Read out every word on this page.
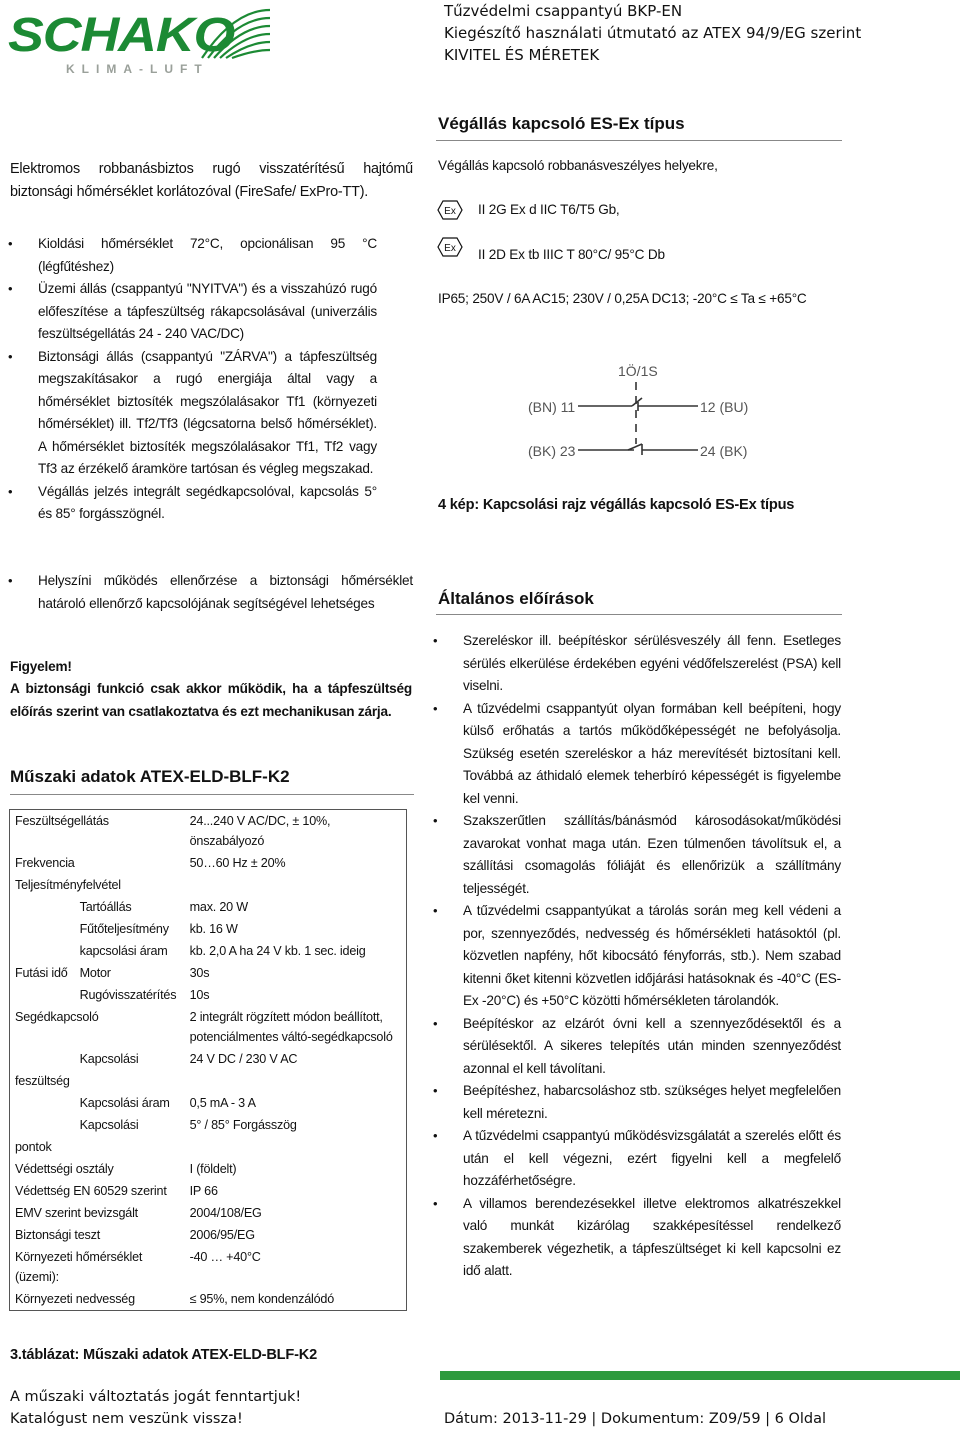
SCHAKO
KLIMA-LUFT
Tűzvédelmi csappantyú BKP-EN
Kiegészítő használati útmutató az ATEX 94/9/EG szerint
KIVITEL ÉS MÉRETEK
Elektromos robbanásbiztos rugó visszatérítésű hajtómű biztonsági hőmérséklet korlátozóval (FireSafe/ ExPro-TT).
• Kioldási hőmérséklet 72°C, opcionálisan 95 °C (légfűtéshez)
• Üzemi állás (csappantyú "NYITVA") és a visszahúzó rugó előfeszítése a tápfeszültség rákapcsolásával (univerzális feszültségellátás 24 - 240 VAC/DC)
• Biztonsági állás (csappantyú "ZÁRVA") a tápfeszültség megszakításakor a rugó energiája által vagy a hőmérséklet biztosíték megszólalásakor Tf1 (környezeti hőmérséklet) ill. Tf2/Tf3 (légcsatorna belső hőmérséklet). A hőmérséklet biztosíték megszólalásakor Tf1, Tf2 vagy Tf3 az érzékelő áramköre tartósan és végleg megszakad.
• Végállás jelzés integrált segédkapcsolóval, kapcsolás 5° és 85° forgásszögnél.
• Helyszíni működés ellenőrzése a biztonsági hőmérséklet határoló ellenőrző kapcsolójának segítségével lehetséges
Figyelem!
A biztonsági funkció csak akkor működik, ha a tápfeszültség előírás szerint van csatlakoztatva és ezt mechanikusan zárja.
Műszaki adatok ATEX-ELD-BLF-K2
Feszültségellátás		24...240 V AC/DC, ± 10%, önszabályozó
Frekvencia		50…60 Hz ± 20%
Teljesítményfelvétel		
	Tartóállás	max. 20 W
	Fűtőteljesítmény	kb. 16 W
	kapcsolási áram	kb. 2,0 A ha 24 V kb. 1 sec. ideig
Futási idő	Motor	30s
	Rugóvisszatérítés	10s
Segédkapcsoló		2 integrált rögzített módon beállított, potenciálmentes váltó-segédkapcsoló
	Kapcsolási	24 V DC / 230 V AC
feszültség		
	Kapcsolási áram	0,5 mA - 3 A
	Kapcsolási	5° / 85° Forgásszög
pontok		
Védettségi osztály		I (földelt)
Védettség EN 60529 szerint		IP 66
EMV szerint bevizsgált		2004/108/EG
Biztonsági teszt		2006/95/EG
Környezeti hőmérséklet (üzemi):		-40 … +40°C
Környezeti nedvesség		≤ 95%, nem kondenzálódó
3.táblázat: Műszaki adatok ATEX-ELD-BLF-K2
Végállás kapcsoló ES-Ex típus
Végállás kapcsoló robbanásveszélyes helyekre,
Ex II 2G Ex d IIC T6/T5 Gb,
Ex II 2D Ex tb IIIC T 80°C/ 95°C Db
IP65; 250V / 6A AC15; 230V / 0,25A DC13; -20°C ≤ Ta ≤ +65°C
1Ö/1S
(BN) 11	12 (BU)
(BK) 23	24 (BK)
4 kép: Kapcsolási rajz végállás kapcsoló ES-Ex típus
Általános előírások
• Szereléskor ill. beépítéskor sérülésveszély áll fenn. Esetleges sérülés elkerülése érdekében egyéni védőfelszerelést (PSA) kell viselni.
• A tűzvédelmi csappantyút olyan formában kell beépíteni, hogy külső erőhatás a tartós működőképességét ne befolyásolja. Szükség esetén szereléskor a ház merevítését biztosítani kell. Továbbá az áthidaló elemek teherbíró képességét is figyelembe kel venni.
• Szakszerűtlen szállítás/bánásmód károsodásokat/működési zavarokat vonhat maga után. Ezen túlmenően távolítsuk el, a szállítási csomagolás fóliáját és ellenőrizük a szállítmány teljességét.
• A tűzvédelmi csappantyúkat a tárolás során meg kell védeni a por, szennyeződés, nedvesség és hőmérsékleti hatásoktól (pl. közvetlen napfény, hőt kibocsátó fényforrás, stb.). Nem szabad kitenni őket kitenni közvetlen időjárási hatásoknak és -40°C (ES-Ex -20°C) és +50°C közötti hőmérsékleten tárolandók.
• Beépítéskor az elzárót óvni kell a szennyeződésektől és a sérülésektől. A sikeres telepítés után minden szennyeződést azonnal el kell távolítani.
• Beépítéshez, habarcsoláshoz stb. szükséges helyet megfelelően kell méretezni.
• A tűzvédelmi csappantyú működésvizsgálatát a szerelés előtt és után el kell végezni, ezért figyelni kell a megfelelő hozzáférhetőségre.
• A villamos berendezésekkel illetve elektromos alkatrészekkel való munkát kizárólag szakképesítéssel rendelkező szakemberek végezhetik, a tápfeszültséget ki kell kapcsolni ez idő alatt.
A műszaki változtatás jogát fenntartjuk!
Katalógust nem veszünk vissza!	Dátum: 2013-11-29 | Dokumentum: Z09/59 | 6 Oldal
